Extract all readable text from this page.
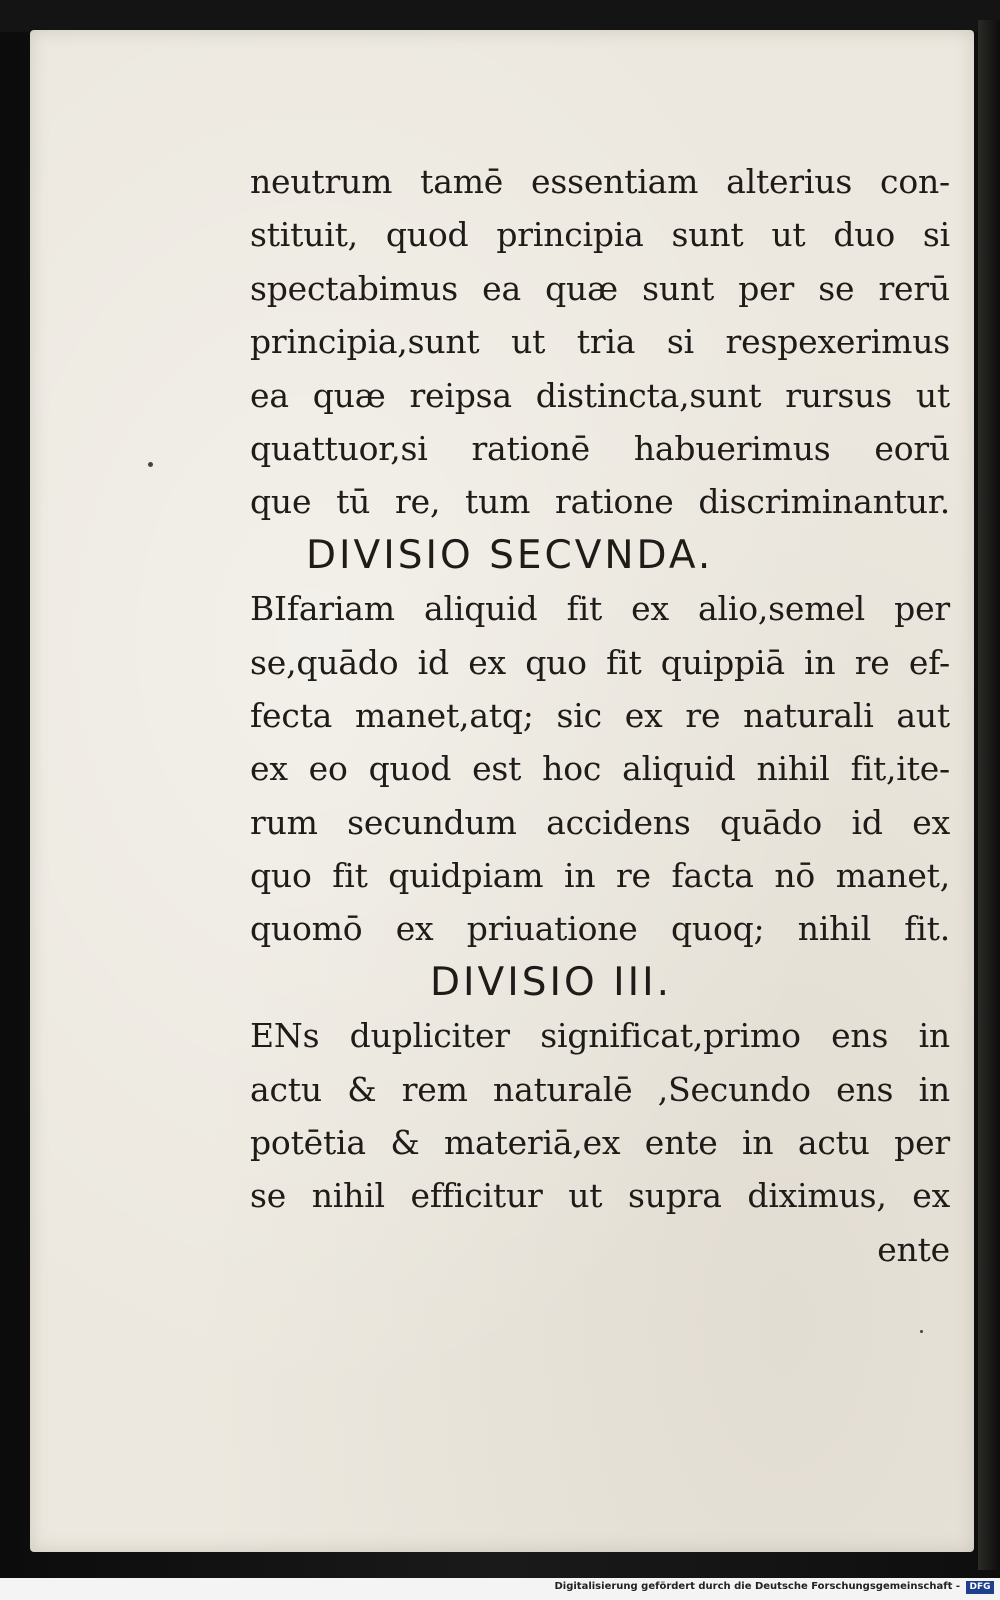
neutrum tamē essentiam alterius con-
stituit, quod principia sunt ut duo si
spectabimus ea quæ sunt per se rerū
principia,sunt ut tria si respexerimus
ea quæ reipsa distincta,sunt rursus ut
quattuor,si rationē habuerimus eorū
que tū re, tum ratione discriminantur.
DIVISIO SECVNDA.
BIfariam aliquid fit ex alio,semel per
se,quādo id ex quo fit quippiā in re ef-
fecta manet,atq; sic ex re naturali aut
ex eo quod est hoc aliquid nihil fit,ite-
rum secundum accidens quādo id ex
quo fit quidpiam in re facta nō manet,
quomō ex priuatione quoq; nihil fit.
DIVISIO III.
ENs dupliciter significat,primo ens in
actu & rem naturalē ,Secundo ens in
potētia & materiā,ex ente in actu per
se nihil efficitur ut supra diximus, ex
ente
Digitalisierung gefördert durch die Deutsche Forschungsgemeinschaft -	DFG
